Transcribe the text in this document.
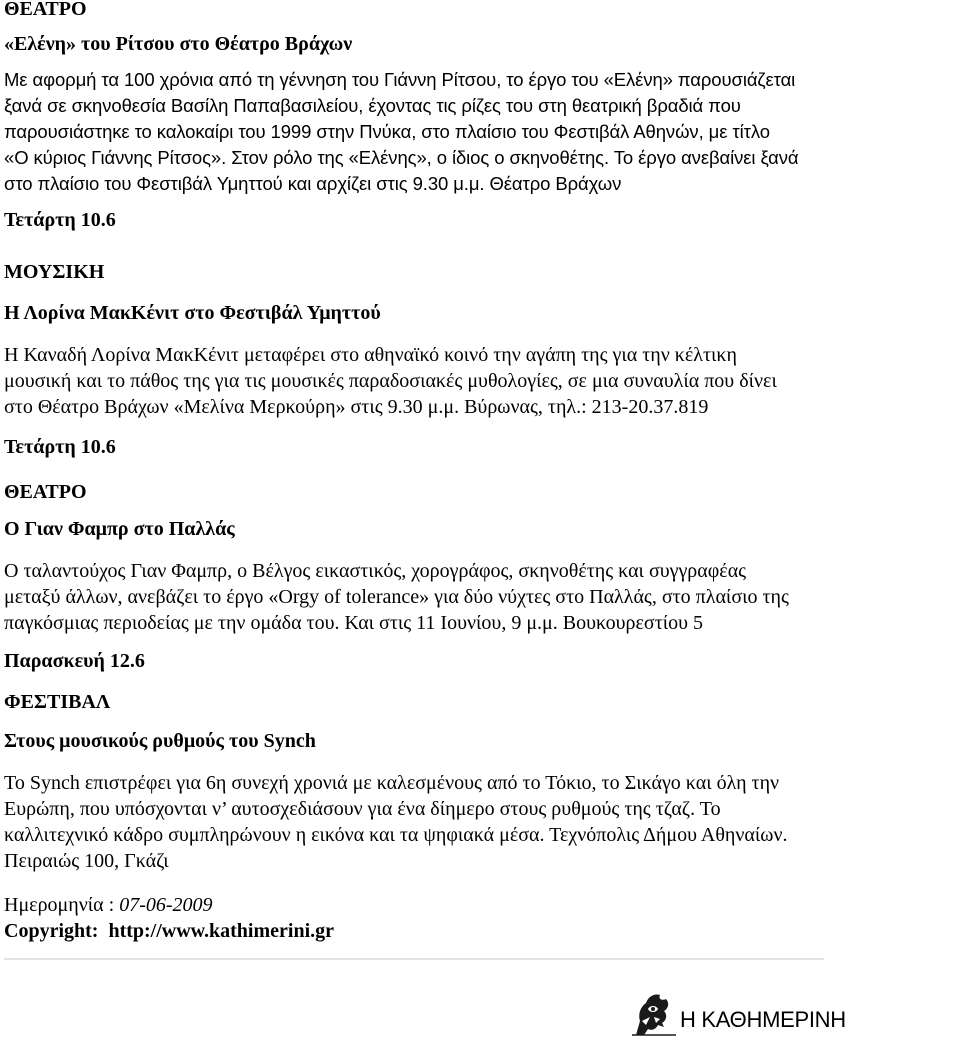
ΘΕΑΤΡΟ
«Ελένη» του Ρίτσου στο Θέατρο Βράχων
Με αφορμή τα 100 χρόνια από τη γέννηση του Γιάννη Ρίτσου, το έργο του «Ελένη» παρουσιάζεται
ξανά σε σκηνοθεσία Βασίλη Παπαβασιλείου, έχοντας τις ρίζες του στη θεατρική βραδιά που
παρουσιάστηκε το καλοκαίρι του 1999 στην Πνύκα, στο πλαίσιο του Φεστιβάλ Αθηνών, με τίτλο
«Ο κύριος Γιάννης Ρίτσος». Στον ρόλο της «Ελένης», ο ίδιος ο σκηνοθέτης. Το έργο ανεβαίνει ξανά
στο πλαίσιο του Φεστιβάλ Υμηττού και αρχίζει στις 9.30 μ.μ. Θέατρο Βράχων
Τετάρτη 10.6
ΜΟΥΣΙΚΗ
Η Λορίνα ΜακΚένιτ στο Φεστιβάλ Υμηττού
Η Καναδή Λορίνα ΜακΚένιτ μεταφέρει στο αθηναϊκό κοινό την αγάπη της για την κέλτικη
μουσική και το πάθος της για τις μουσικές παραδοσιακές μυθολογίες, σε μια συναυλία που δίνει
στο Θέατρο Βράχων «Μελίνα Μερκούρη» στις 9.30 μ.μ. Βύρωνας, τηλ.: 213-20.37.819
Τετάρτη 10.6
ΘΕΑΤΡΟ
Ο Γιαν Φαμπρ στο Παλλάς
Ο ταλαντούχος Γιαν Φαμπρ, ο Βέλγος εικαστικός, χορογράφος, σκηνοθέτης και συγγραφέας
μεταξύ άλλων, ανεβάζει το έργο «Orgy of tolerance» για δύο νύχτες στο Παλλάς, στο πλαίσιο της
παγκόσμιας περιοδείας με την ομάδα του. Και στις 11 Ιουνίου, 9 μ.μ. Βουκουρεστίου 5
Παρασκευή 12.6
ΦΕΣΤΙΒΑΛ
Στους μουσικούς ρυθμούς του Synch
Το Synch επιστρέφει για 6η συνεχή χρονιά με καλεσμένους από το Τόκιο, το Σικάγο και όλη την
Ευρώπη, που υπόσχονται ν’ αυτοσχεδιάσουν για ένα δίημερο στους ρυθμούς της τζαζ. Το
καλλιτεχνικό κάδρο συμπληρώνουν η εικόνα και τα ψηφιακά μέσα. Τεχνόπολις Δήμου Αθηναίων.
Πειραιώς 100, Γκάζι
Ημερομηνία : 07-06-2009
Copyright: http://www.kathimerini.gr
Η ΚΑΘΗΜΕΡΙΝΗ
